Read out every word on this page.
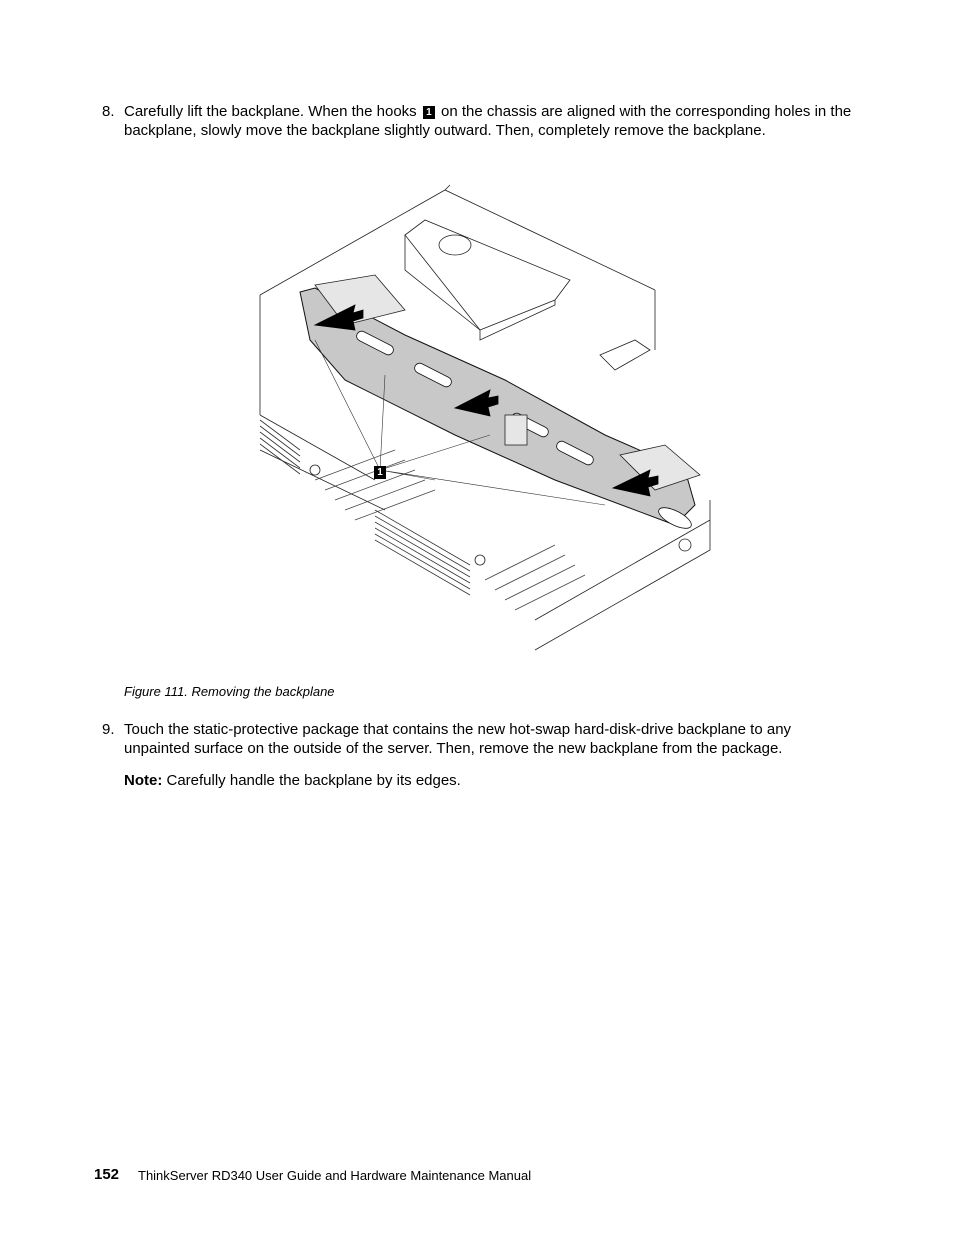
8. Carefully lift the backplane. When the hooks 1 on the chassis are aligned with the corresponding holes in the backplane, slowly move the backplane slightly outward. Then, completely remove the backplane.
1
Figure 111. Removing the backplane
9. Touch the static-protective package that contains the new hot-swap hard-disk-drive backplane to any unpainted surface on the outside of the server. Then, remove the new backplane from the package.
Note: Carefully handle the backplane by its edges.
152 ThinkServer RD340 User Guide and Hardware Maintenance Manual
